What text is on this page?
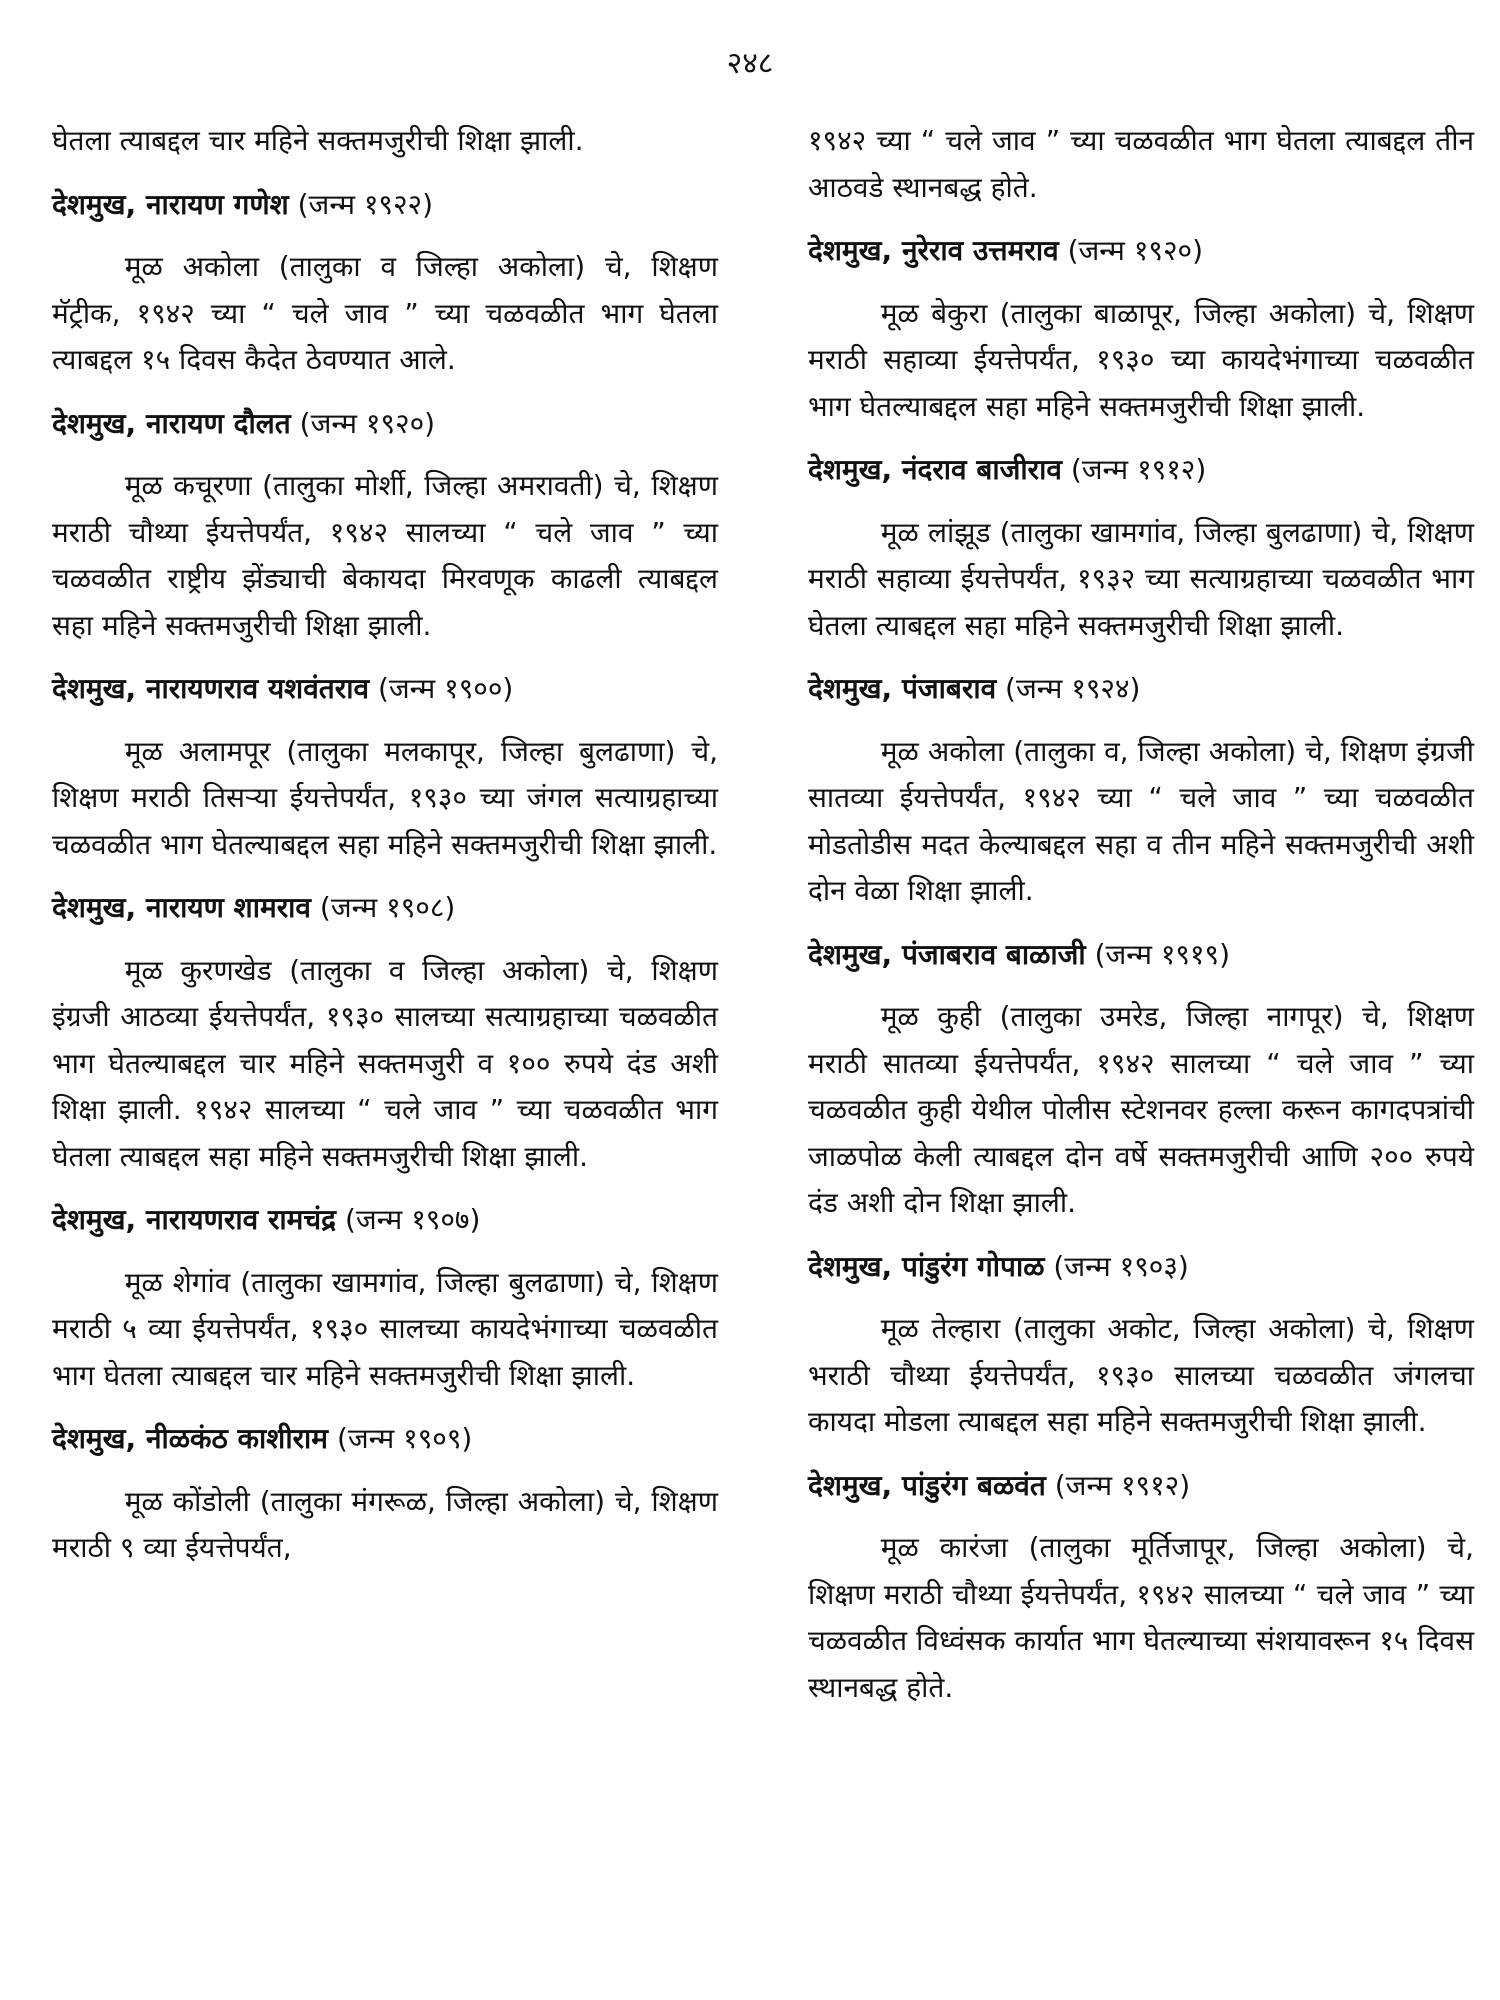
२४८

घेतला त्याबद्दल चार महिने सक्तमजुरीची शिक्षा झाली.

देशमुख, नारायण गणेश (जन्म १९२२)

मूळ अकोला (तालुका व जिल्हा अकोला) चे, शिक्षण मॅट्रीक, १९४२ च्या “ चले जाव ” च्या चळवळीत भाग घेतला त्याबद्दल १५ दिवस कैदेत ठेवण्यात आले.

देशमुख, नारायण दौलत (जन्म १९२०)

मूळ कचूरणा (तालुका मोर्शी, जिल्हा अमरावती) चे, शिक्षण मराठी चौथ्या ईयत्तेपर्यंत, १९४२ सालच्या “ चले जाव ” च्या चळवळीत राष्ट्रीय झेंड्याची बेकायदा मिरवणूक काढली त्याबद्दल सहा महिने सक्तमजुरीची शिक्षा झाली.

देशमुख, नारायणराव यशवंतराव (जन्म १९००)

मूळ अलामपूर (तालुका मलकापूर, जिल्हा बुलढाणा) चे, शिक्षण मराठी तिसऱ्या ईयत्तेपर्यंत, १९३० च्या जंगल सत्याग्रहाच्या चळवळीत भाग घेतल्याबद्दल सहा महिने सक्तमजुरीची शिक्षा झाली.

देशमुख, नारायण शामराव (जन्म १९०८)

मूळ कुरणखेड (तालुका व जिल्हा अकोला) चे, शिक्षण इंग्रजी आठव्या ईयत्तेपर्यंत, १९३० सालच्या सत्याग्रहाच्या चळवळीत भाग घेतल्याबद्दल चार महिने सक्तमजुरी व १०० रुपये दंड अशी शिक्षा झाली. १९४२ सालच्या “ चले जाव ” च्या चळवळीत भाग घेतला त्याबद्दल सहा महिने सक्तमजुरीची शिक्षा झाली.

देशमुख, नारायणराव रामचंद्र (जन्म १९०७)

मूळ शेगांव (तालुका खामगांव, जिल्हा बुलढाणा) चे, शिक्षण मराठी ५ व्या ईयत्तेपर्यंत, १९३० सालच्या कायदेभंगाच्या चळवळीत भाग घेतला त्याबद्दल चार महिने सक्तमजुरीची शिक्षा झाली.

देशमुख, नीळकंठ काशीराम (जन्म १९०९)

मूळ कोंडोली (तालुका मंगरूळ, जिल्हा अकोला) चे, शिक्षण मराठी ९ व्या ईयत्तेपर्यंत,

१९४२ च्या “ चले जाव ” च्या चळवळीत भाग घेतला त्याबद्दल तीन आठवडे स्थानबद्ध होते.

देशमुख, नुरेराव उत्तमराव (जन्म १९२०)

मूळ बेकुरा (तालुका बाळापूर, जिल्हा अकोला) चे, शिक्षण मराठी सहाव्या ईयत्तेपर्यंत, १९३० च्या कायदेभंगाच्या चळवळीत भाग घेतल्याबद्दल सहा महिने सक्तमजुरीची शिक्षा झाली.

देशमुख, नंदराव बाजीराव (जन्म १९१२)

मूळ लांझूड (तालुका खामगांव, जिल्हा बुलढाणा) चे, शिक्षण मराठी सहाव्या ईयत्तेपर्यंत, १९३२ च्या सत्याग्रहाच्या चळवळीत भाग घेतला त्याबद्दल सहा महिने सक्तमजुरीची शिक्षा झाली.

देशमुख, पंजाबराव (जन्म १९२४)

मूळ अकोला (तालुका व, जिल्हा अकोला) चे, शिक्षण इंग्रजी सातव्या ईयत्तेपर्यंत, १९४२ च्या “ चले जाव ” च्या चळवळीत मोडतोडीस मदत केल्याबद्दल सहा व तीन महिने सक्तमजुरीची अशी दोन वेळा शिक्षा झाली.

देशमुख, पंजाबराव बाळाजी (जन्म १९१९)

मूळ कुही (तालुका उमरेड, जिल्हा नागपूर) चे, शिक्षण मराठी सातव्या ईयत्तेपर्यंत, १९४२ सालच्या “ चले जाव ” च्या चळवळीत कुही येथील पोलीस स्टेशनवर हल्ला करून कागदपत्रांची जाळपोळ केली त्याबद्दल दोन वर्षे सक्तमजुरीची आणि २०० रुपये दंड अशी दोन शिक्षा झाली.

देशमुख, पांडुरंग गोपाळ (जन्म १९०३)

मूळ तेल्हारा (तालुका अकोट, जिल्हा अकोला) चे, शिक्षण भराठी चौथ्या ईयत्तेपर्यंत, १९३० सालच्या चळवळीत जंगलचा कायदा मोडला त्याबद्दल सहा महिने सक्तमजुरीची शिक्षा झाली.

देशमुख, पांडुरंग बळवंत (जन्म १९१२)

मूळ कारंजा (तालुका मूर्तिजापूर, जिल्हा अकोला) चे, शिक्षण मराठी चौथ्या ईयत्तेपर्यंत, १९४२ सालच्या “ चले जाव ” च्या चळवळीत विध्वंसक कार्यात भाग घेतल्याच्या संशयावरून १५ दिवस स्थानबद्ध होते.
